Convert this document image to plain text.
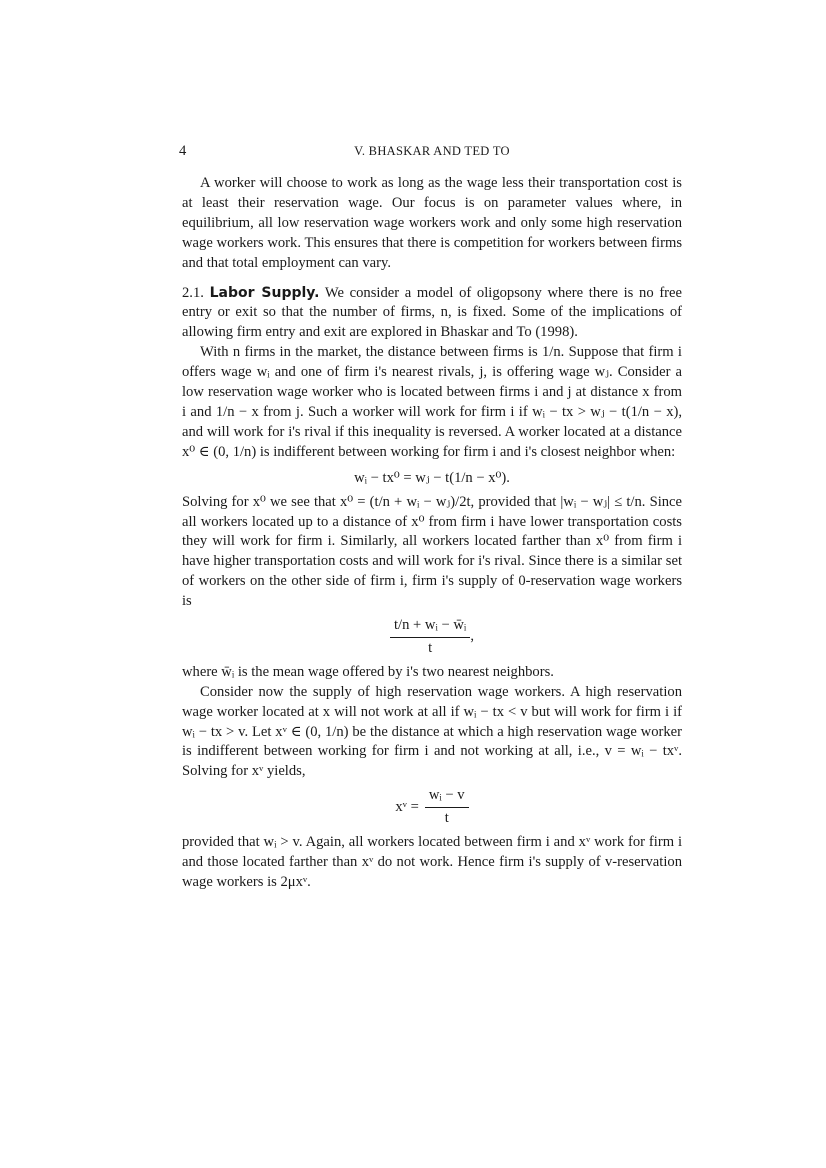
4	V. BHASKAR AND TED TO

A worker will choose to work as long as the wage less their transportation cost is at least their reservation wage. Our focus is on parameter values where, in equilibrium, all low reservation wage workers work and only some high reservation wage workers work. This ensures that there is competition for workers between firms and that total employment can vary.

2.1. Labor Supply. We consider a model of oligopsony where there is no free entry or exit so that the number of firms, n, is fixed. Some of the implications of allowing firm entry and exit are explored in Bhaskar and To (1998).

With n firms in the market, the distance between firms is 1/n. Suppose that firm i offers wage wᵢ and one of firm i's nearest rivals, j, is offering wage wⱼ. Consider a low reservation wage worker who is located between firms i and j at distance x from i and 1/n − x from j. Such a worker will work for firm i if wᵢ − tx > wⱼ − t(1/n − x), and will work for i's rival if this inequality is reversed. A worker located at a distance x⁰ ∈ (0, 1/n) is indifferent between working for firm i and i's closest neighbor when:

wᵢ − tx⁰ = wⱼ − t(1/n − x⁰).

Solving for x⁰ we see that x⁰ = (t/n + wᵢ − wⱼ)/2t, provided that |wᵢ − wⱼ| ≤ t/n. Since all workers located up to a distance of x⁰ from firm i have lower transportation costs they will work for firm i. Similarly, all workers located farther than x⁰ from firm i have higher transportation costs and will work for i's rival. Since there is a similar set of workers on the other side of firm i, firm i's supply of 0-reservation wage workers is

$\frac{\text{t/n + wᵢ − w̄ᵢ}}{t}$ ,

where w̄ᵢ is the mean wage offered by i's two nearest neighbors.

Consider now the supply of high reservation wage workers. A high reservation wage worker located at x will not work at all if wᵢ − tx < v but will work for firm i if wᵢ − tx > v. Let xᵛ ∈ (0, 1/n) be the distance at which a high reservation wage worker is indifferent between working for firm i and not working at all, i.e., v = wᵢ − txᵛ. Solving for xᵛ yields,

xᵛ = $\frac{\text{wᵢ − v}}{t}$

provided that wᵢ > v. Again, all workers located between firm i and xᵛ work for firm i and those located farther than xᵛ do not work. Hence firm i's supply of v-reservation wage workers is 2μxᵛ.
